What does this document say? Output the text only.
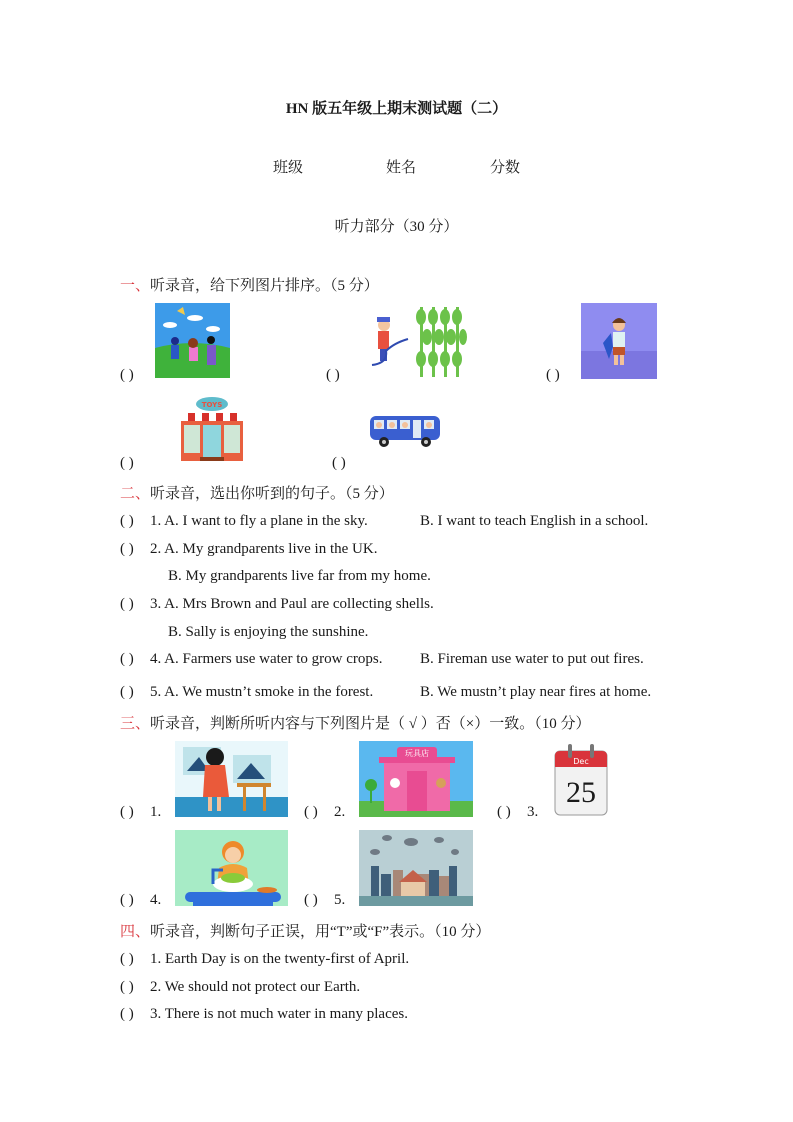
HN 版五年级上期末测试题（二）
班级	姓名	分数
听力部分（30 分）
一、听录音，给下列图片排序。（5 分）
( )	( )	( )
( )
TOYS
( )
二、听录音，选出你听到的句子。（5 分）
( ) 1. A. I want to fly a plane in the sky.	B. I want to teach English in a school.
( ) 2. A. My grandparents live in the UK.
B. My grandparents live far from my home.
( ) 3. A. Mrs Brown and Paul are collecting shells.
B. Sally is enjoying the sunshine.
( ) 4. A. Farmers use water to grow crops.	B. Fireman use water to put out fires.
( ) 5. A. We mustn’t smoke in the forest.	B. We mustn’t play near fires at home.
三、听录音，判断所听内容与下列图片是（ √ ）否（×）一致。（10 分）
( ) 1.	( ) 2.
玩具店
( ) 3.
Dec
25
( ) 4.	( ) 5.
四、听录音，判断句子正误，用“T”或“F”表示。（10 分）
( ) 1. Earth Day is on the twenty-first of April.
( ) 2. We should not protect our Earth.
( ) 3. There is not much water in many places.
